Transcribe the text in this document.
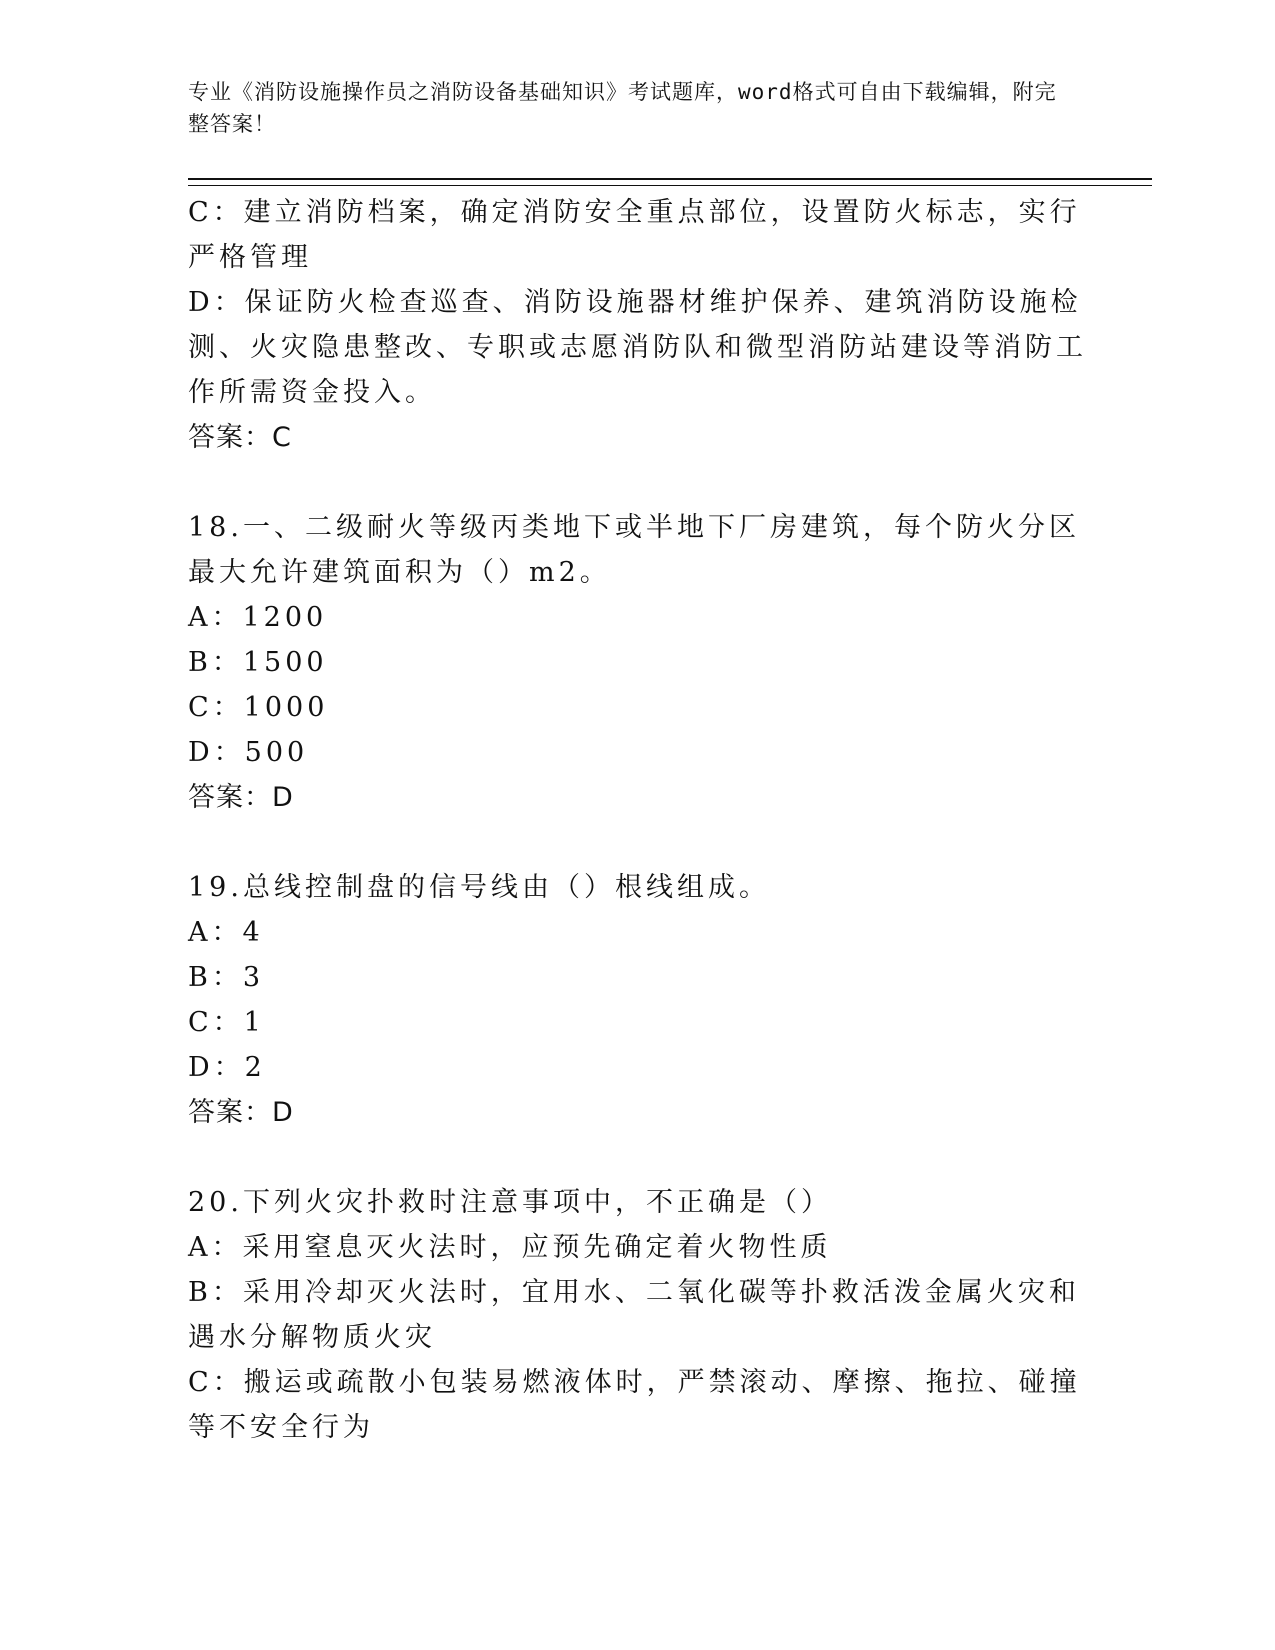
专业《消防设施操作员之消防设备基础知识》考试题库，word格式可自由下载编辑，附完整答案！

C：建立消防档案，确定消防安全重点部位，设置防火标志，实行严格管理

D：保证防火检查巡查、消防设施器材维护保养、建筑消防设施检测、火灾隐患整改、专职或志愿消防队和微型消防站建设等消防工作所需资金投入。

答案：C

18.一、二级耐火等级丙类地下或半地下厂房建筑，每个防火分区最大允许建筑面积为（）m2。

A：1200

B：1500

C：1000

D：500

答案：D

19.总线控制盘的信号线由（）根线组成。

A：4

B：3

C：1

D：2

答案：D

20.下列火灾扑救时注意事项中，不正确是（）

A：采用窒息灭火法时，应预先确定着火物性质

B：采用冷却灭火法时，宜用水、二氧化碳等扑救活泼金属火灾和遇水分解物质火灾

C：搬运或疏散小包装易燃液体时，严禁滚动、摩擦、拖拉、碰撞等不安全行为
